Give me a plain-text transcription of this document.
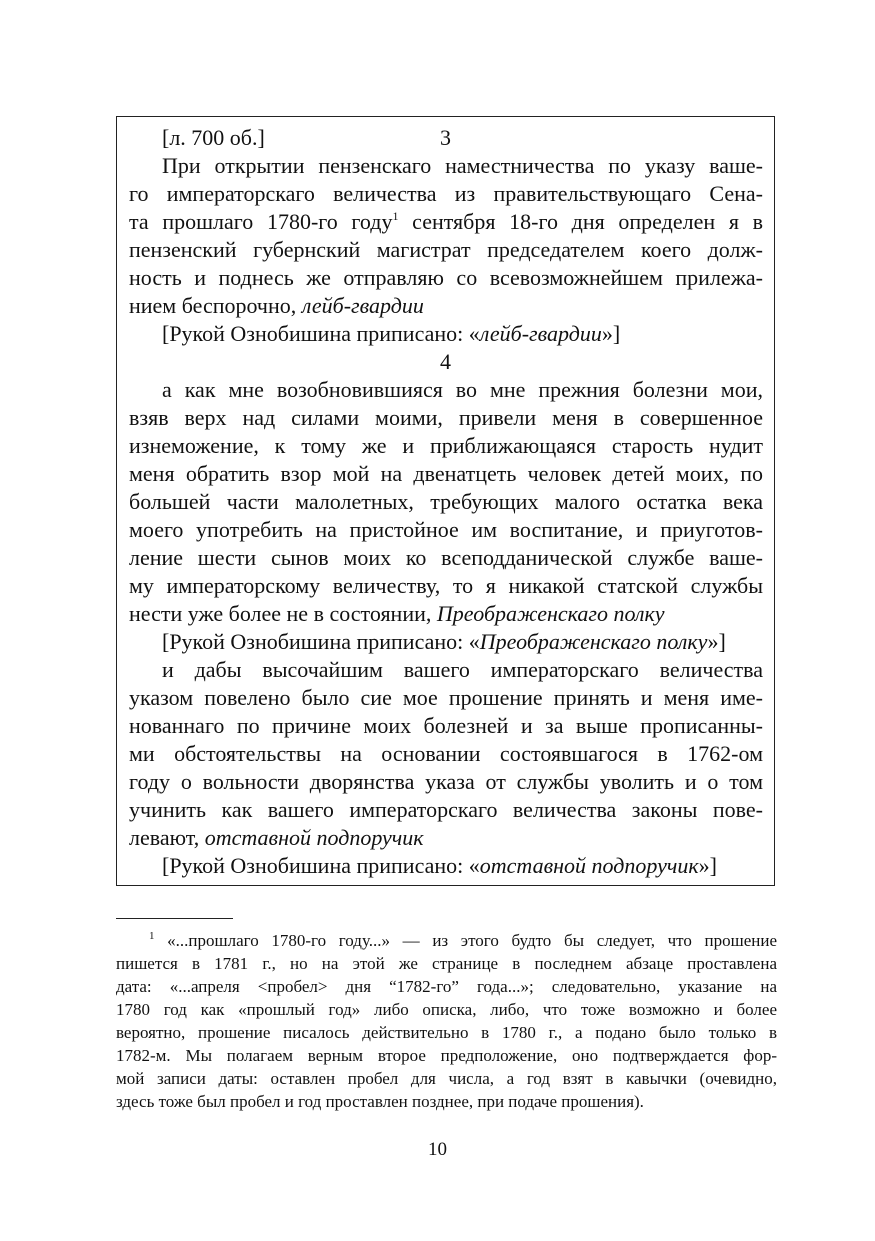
[л. 700 об.]	3
При открытии пензенскаго наместничества по указу ваше-
го императорскаго величества из правительствующаго Сена-
та прошлаго 1780-го году$^1$ сентября 18-го дня определен я в
пензенский губернский магистрат председателем коего долж-
ность и поднесь же отправляю со всевозможнейшем прилежа-
нием беспорочно, лейб-гвардии
[Рукой Ознобишина приписано: «лейб-гвардии»]
4
а как мне возобновившияся во мне прежния болезни мои,
взяв верх над силами моими, привели меня в совершенное
изнеможение, к тому же и приближающаяся старость нудит
меня обратить взор мой на двенатцеть человек детей моих, по
большей части малолетных, требующих малого остатка века
моего употребить на пристойное им воспитание, и приуготов-
ление шести сынов моих ко всеподданической службе ваше-
му императорскому величеству, то я никакой статской службы
нести уже более не в состоянии, Преображенскаго полку
[Рукой Ознобишина приписано: «Преображенскаго полку»]
и дабы высочайшим вашего императорскаго величества
указом повелено было сие мое прошение принять и меня име-
нованнаго по причине моих болезней и за выше прописанны-
ми обстоятельствы на основании состоявшагося в 1762-ом
году о вольности дворянства указа от службы уволить и о том
учинить как вашего императорскаго величества законы пове-
левают, отставной подпоручик
[Рукой Ознобишина приписано: «отставной подпоручик»]
$^1$ «...прошлаго 1780-го году...» — из этого будто бы следует, что прошение
пишется в 1781 г., но на этой же странице в последнем абзаце проставлена
дата: «...апреля <пробел> дня “1782-го” года...»; следовательно, указание на
1780 год как «прошлый год» либо описка, либо, что тоже возможно и более
вероятно, прошение писалось действительно в 1780 г., а подано было только в
1782-м. Мы полагаем верным второе предположение, оно подтверждается фор-
мой записи даты: оставлен пробел для числа, а год взят в кавычки (очевидно,
здесь тоже был пробел и год проставлен позднее, при подаче прошения).
10
